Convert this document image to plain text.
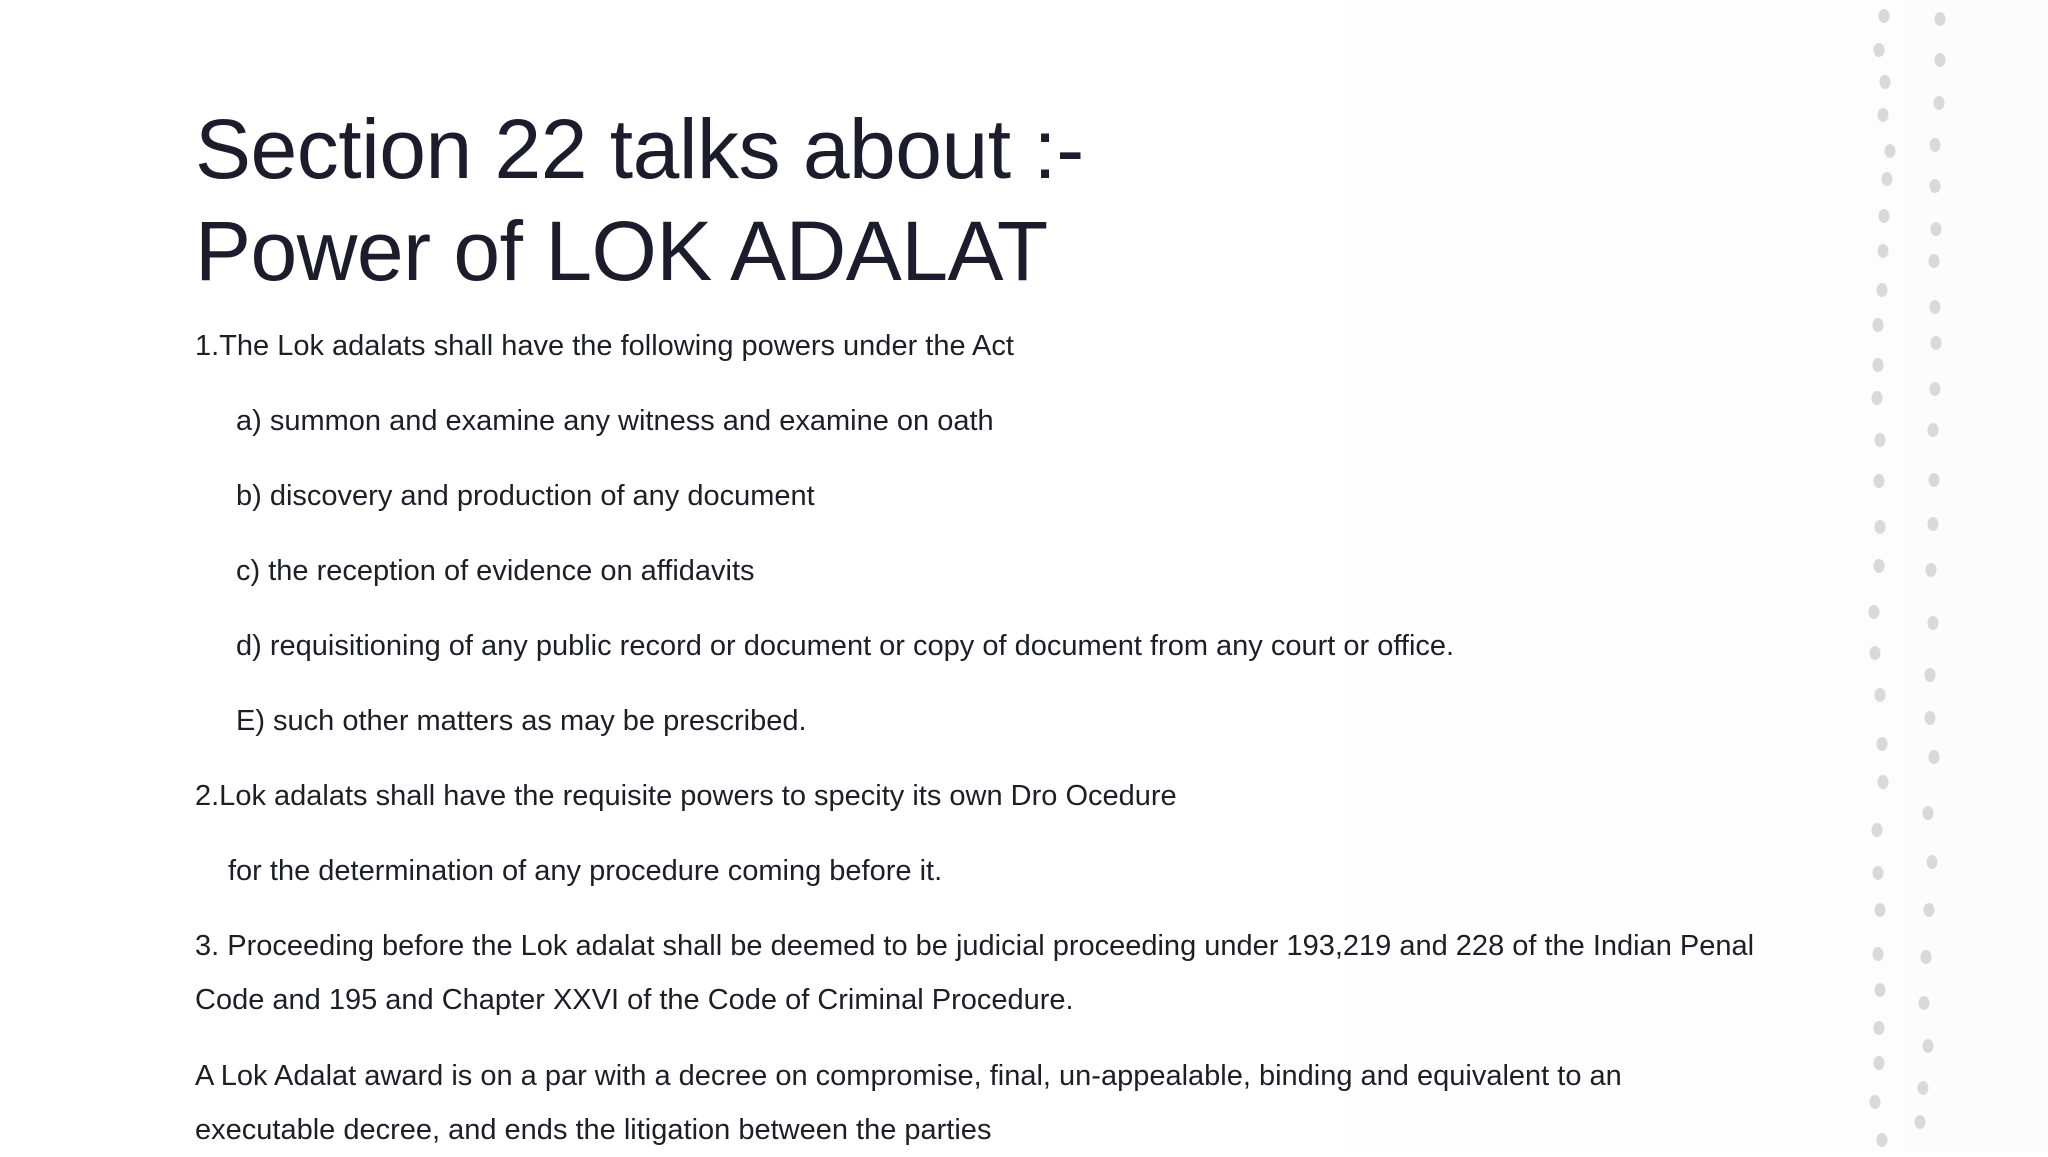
Section 22 talks about :-
Power of LOK ADALAT
1.The Lok adalats shall have the following powers under the Act
a) summon and examine any witness and examine on oath
b) discovery and production of any document
c) the reception of evidence on affidavits
d) requisitioning of any public record or document or copy of document from any court or office.
E) such other matters as may be prescribed.
2.Lok adalats shall have the requisite powers to specity its own Dro Ocedure
for the determination of any procedure coming before it.
3. Proceeding before the Lok adalat shall be deemed to be judicial proceeding under 193,219 and 228 of the Indian Penal Code and 195 and Chapter XXVI of the Code of Criminal Procedure.
A Lok Adalat award is on a par with a decree on compromise, final, un-appealable, binding and equivalent to an executable decree, and ends the litigation between the parties
